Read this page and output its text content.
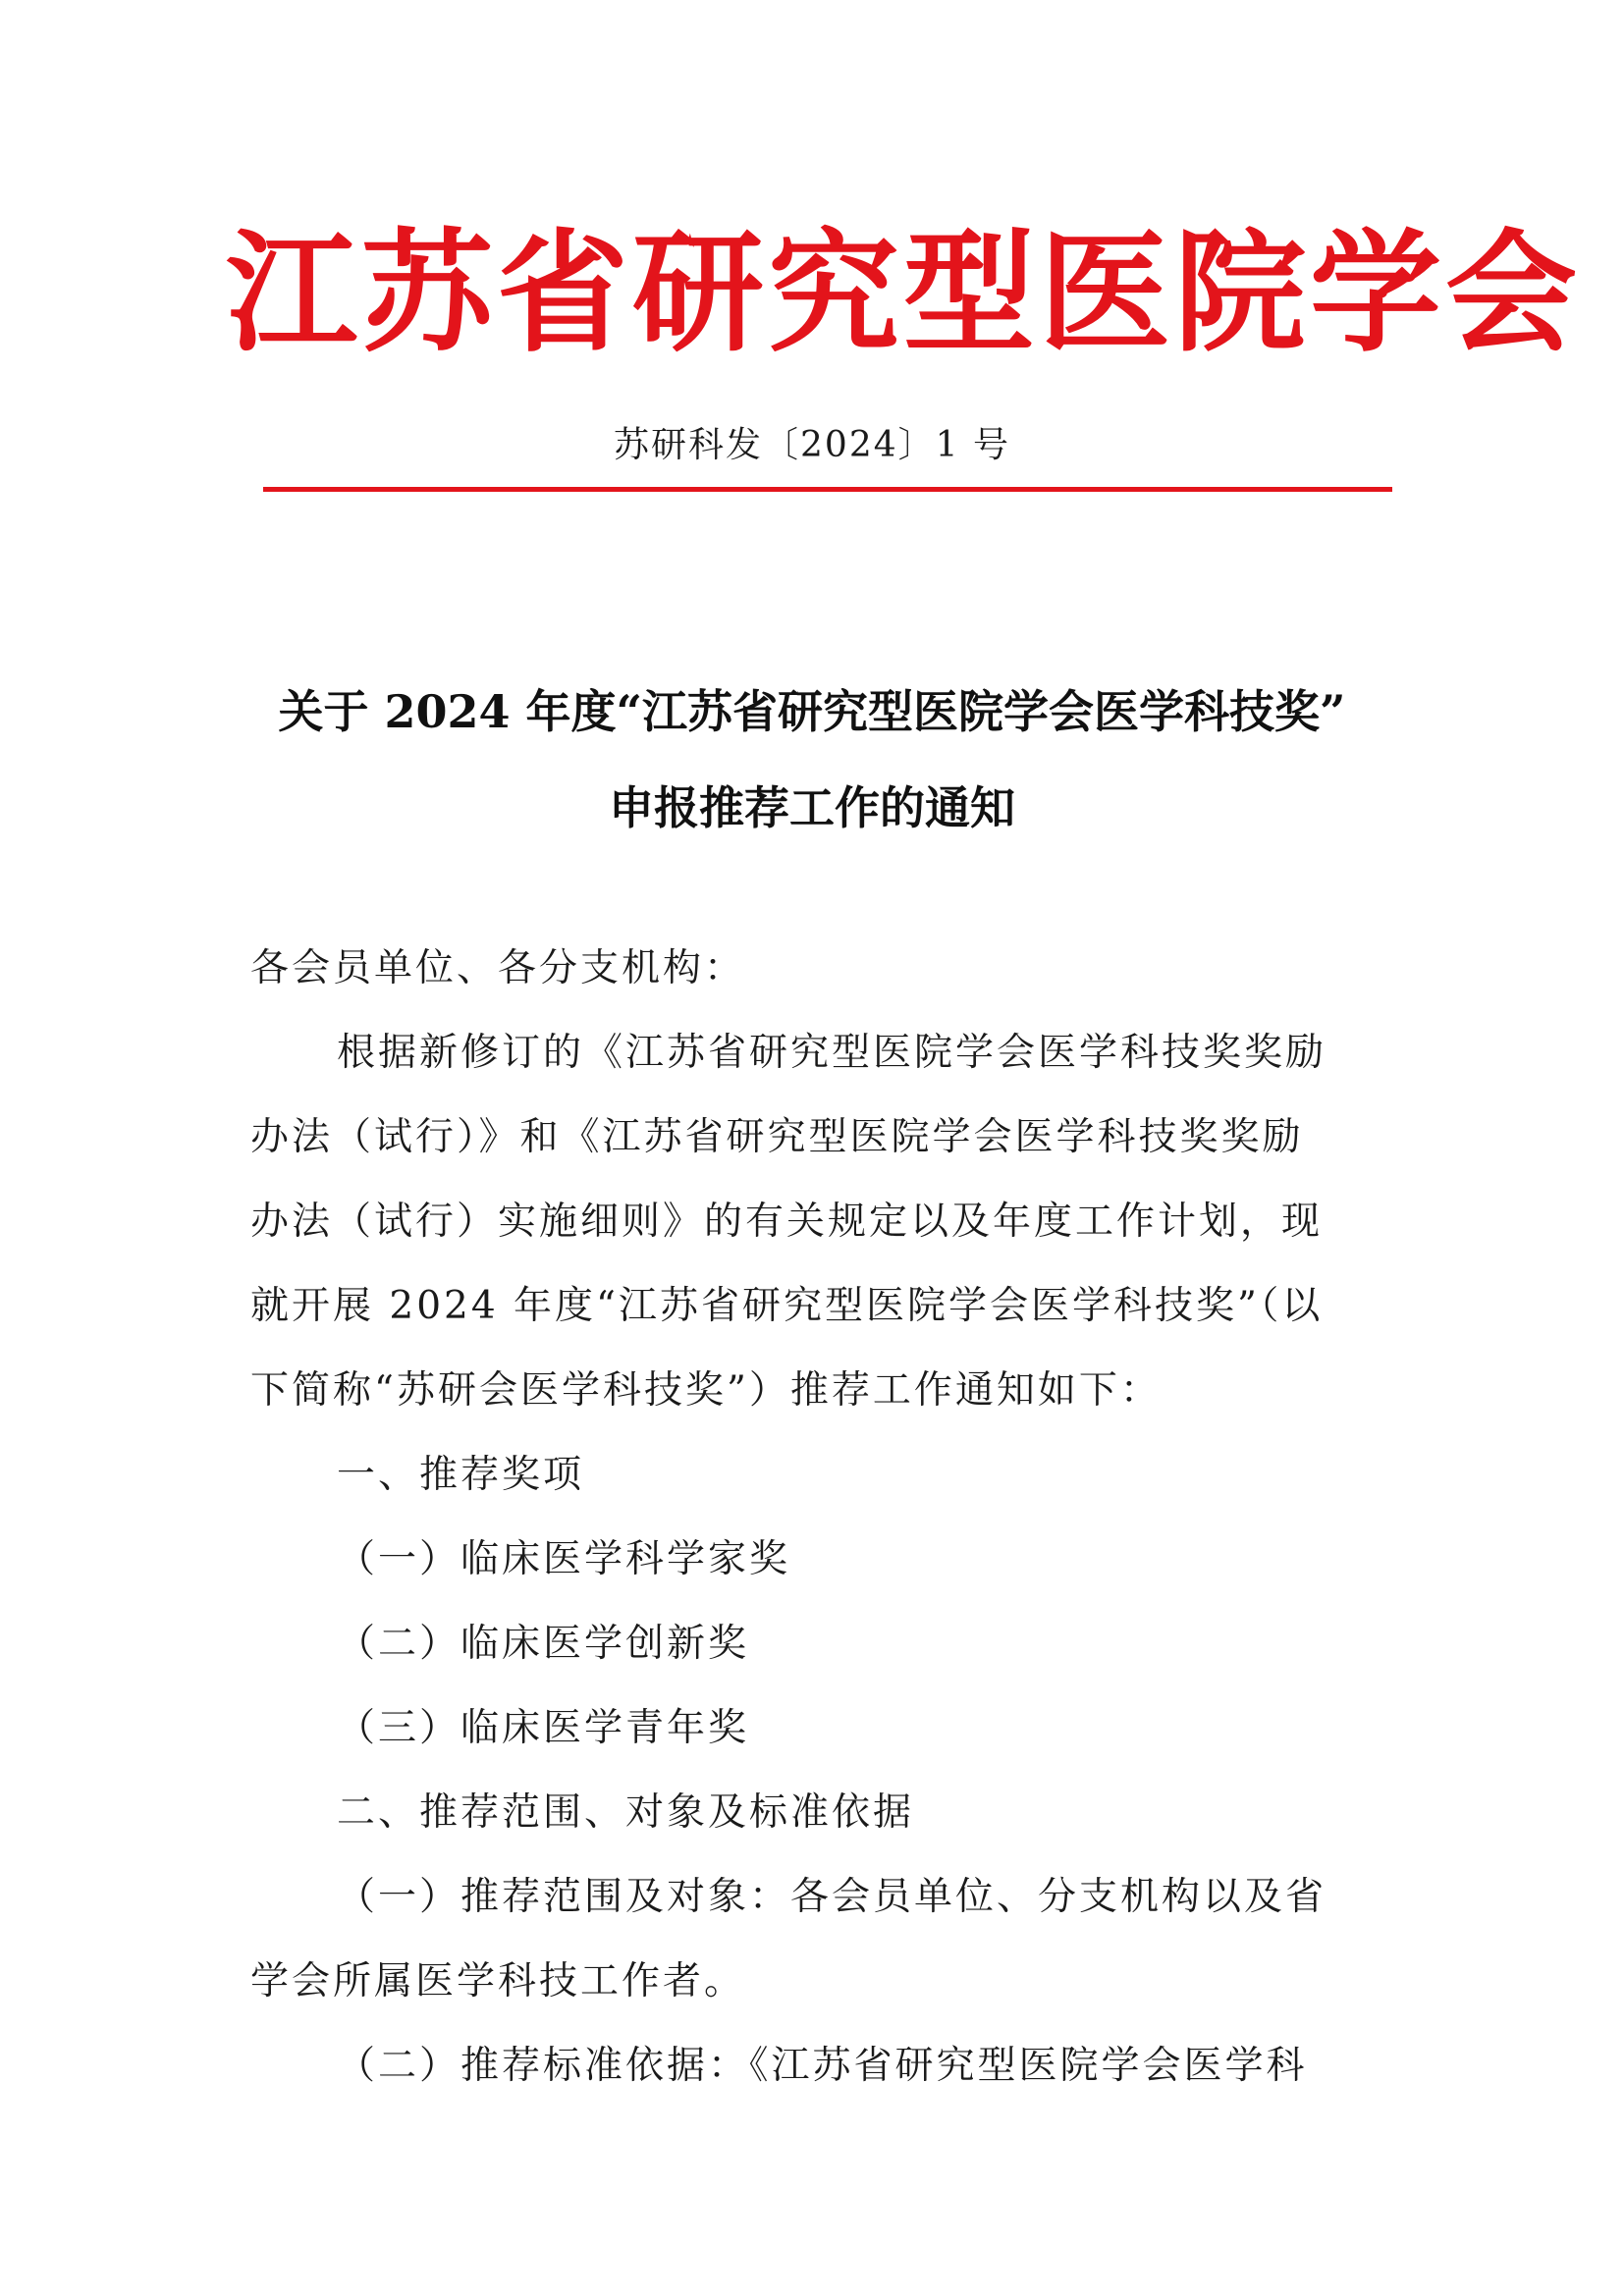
江苏省研究型医院学会
苏研科发〔2024〕1 号
关于 2024 年度“江苏省研究型医院学会医学科技奖”
申报推荐工作的通知
各会员单位、各分支机构：
根据新修订的《江苏省研究型医院学会医学科技奖奖励
办法（试行）》和《江苏省研究型医院学会医学科技奖奖励
办法（试行）实施细则》的有关规定以及年度工作计划，现
就开展 2024 年度“江苏省研究型医院学会医学科技奖”（以
下简称“苏研会医学科技奖”）推荐工作通知如下：
一、推荐奖项
（一）临床医学科学家奖
（二）临床医学创新奖
（三）临床医学青年奖
二、推荐范围、对象及标准依据
（一）推荐范围及对象：各会员单位、分支机构以及省
学会所属医学科技工作者。
（二）推荐标准依据：《江苏省研究型医院学会医学科
